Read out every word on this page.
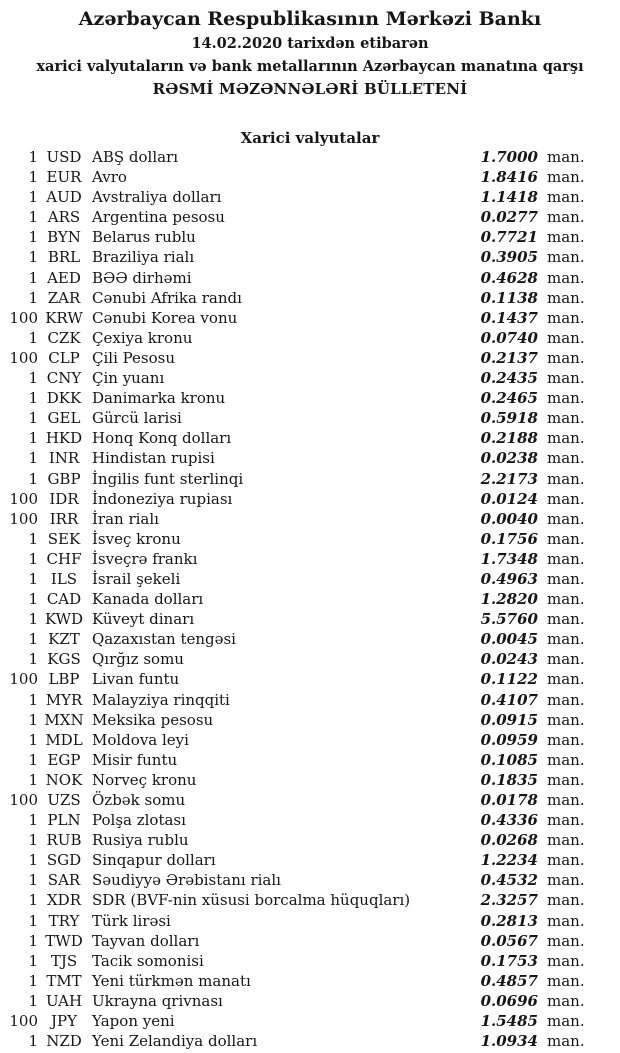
Azərbaycan Respublikasının Mərkəzi Bankı
14.02.2020 tarixdən etibarən
xarici valyutaların və bank metallarının Azərbaycan manatına qarşı
RƏSMİ MƏZƏNNƏLƏRİ BÜLLETENİ
Xarici valyutalar
1 USD ABŞ dolları	1.7000 man.
1 EUR Avro	1.8416 man.
1 AUD Avstraliya dolları	1.1418 man.
1 ARS Argentina pesosu	0.0277 man.
1 BYN Belarus rublu	0.7721 man.
1 BRL Braziliya rialı	0.3905 man.
1 AED BƏƏ dirhəmi	0.4628 man.
1 ZAR Cənubi Afrika randı	0.1138 man.
100 KRW Cənubi Korea vonu	0.1437 man.
1 CZK Çexiya kronu	0.0740 man.
100 CLP Çili Pesosu	0.2137 man.
1 CNY Çin yuanı	0.2435 man.
1 DKK Danimarka kronu	0.2465 man.
1 GEL Gürcü larisi	0.5918 man.
1 HKD Honq Konq dolları	0.2188 man.
1 INR Hindistan rupisi	0.0238 man.
1 GBP İngilis funt sterlinqi	2.2173 man.
100 IDR İndoneziya rupiası	0.0124 man.
100 IRR İran rialı	0.0040 man.
1 SEK İsveç kronu	0.1756 man.
1 CHF İsveçrə frankı	1.7348 man.
1 ILS İsrail şekeli	0.4963 man.
1 CAD Kanada dolları	1.2820 man.
1 KWD Küveyt dinarı	5.5760 man.
1 KZT Qazaxıstan tengəsi	0.0045 man.
1 KGS Qırğız somu	0.0243 man.
100 LBP Livan funtu	0.1122 man.
1 MYR Malayziya rinqqiti	0.4107 man.
1 MXN Meksika pesosu	0.0915 man.
1 MDL Moldova leyi	0.0959 man.
1 EGP Misir funtu	0.1085 man.
1 NOK Norveç kronu	0.1835 man.
100 UZS Özbək somu	0.0178 man.
1 PLN Polşa zlotası	0.4336 man.
1 RUB Rusiya rublu	0.0268 man.
1 SGD Sinqapur dolları	1.2234 man.
1 SAR Səudiyyə Ərəbistanı rialı	0.4532 man.
1 XDR SDR (BVF-nin xüsusi borcalma hüquqları)	2.3257 man.
1 TRY Türk lirəsi	0.2813 man.
1 TWD Tayvan dolları	0.0567 man.
1 TJS Tacik somonisi	0.1753 man.
1 TMT Yeni türkmən manatı	0.4857 man.
1 UAH Ukrayna qrivnası	0.0696 man.
100 JPY	Yapon yeni	1.5485 man.
1 NZD Yeni Zelandiya dolları	1.0934 man.
